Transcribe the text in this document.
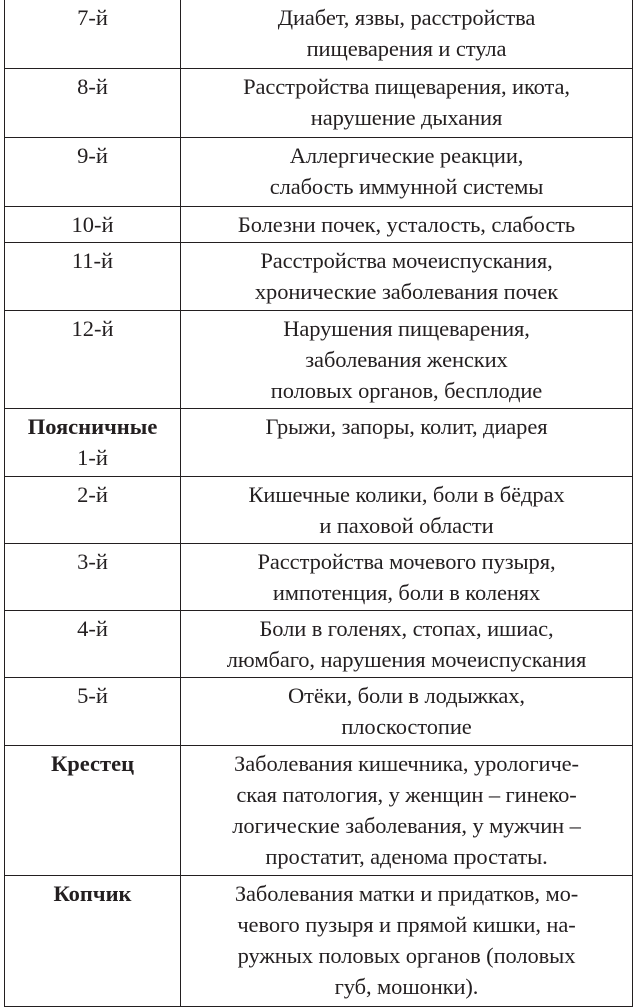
7-й	Диабет, язвы, расстройства
пищеварения и стула

8-й	Расстройства пищеварения, икота,
нарушение дыхания

9-й	Аллергические реакции,
слабость иммунной системы

10-й	Болезни почек, усталость, слабость

11-й	Расстройства мочеиспускания,
хронические заболевания почек

12-й	Нарушения пищеварения,
заболевания женских
половых органов, бесплодие

Поясничные
1-й	Грыжи, запоры, колит, диарея

2-й	Кишечные колики, боли в бёдрах
и паховой области

3-й	Расстройства мочевого пузыря,
импотенция, боли в коленях

4-й	Боли в голенях, стопах, ишиас,
люмбаго, нарушения мочеиспускания

5-й	Отёки, боли в лодыжках,
плоскостопие

Крестец	Заболевания кишечника, урологиче-
ская патология, у женщин – гинеко-
логические заболевания, у мужчин –
простатит, аденома простаты.

Копчик	Заболевания матки и придатков, мо-
чевого пузыря и прямой кишки, на-
ружных половых органов (половых
губ, мошонки).
